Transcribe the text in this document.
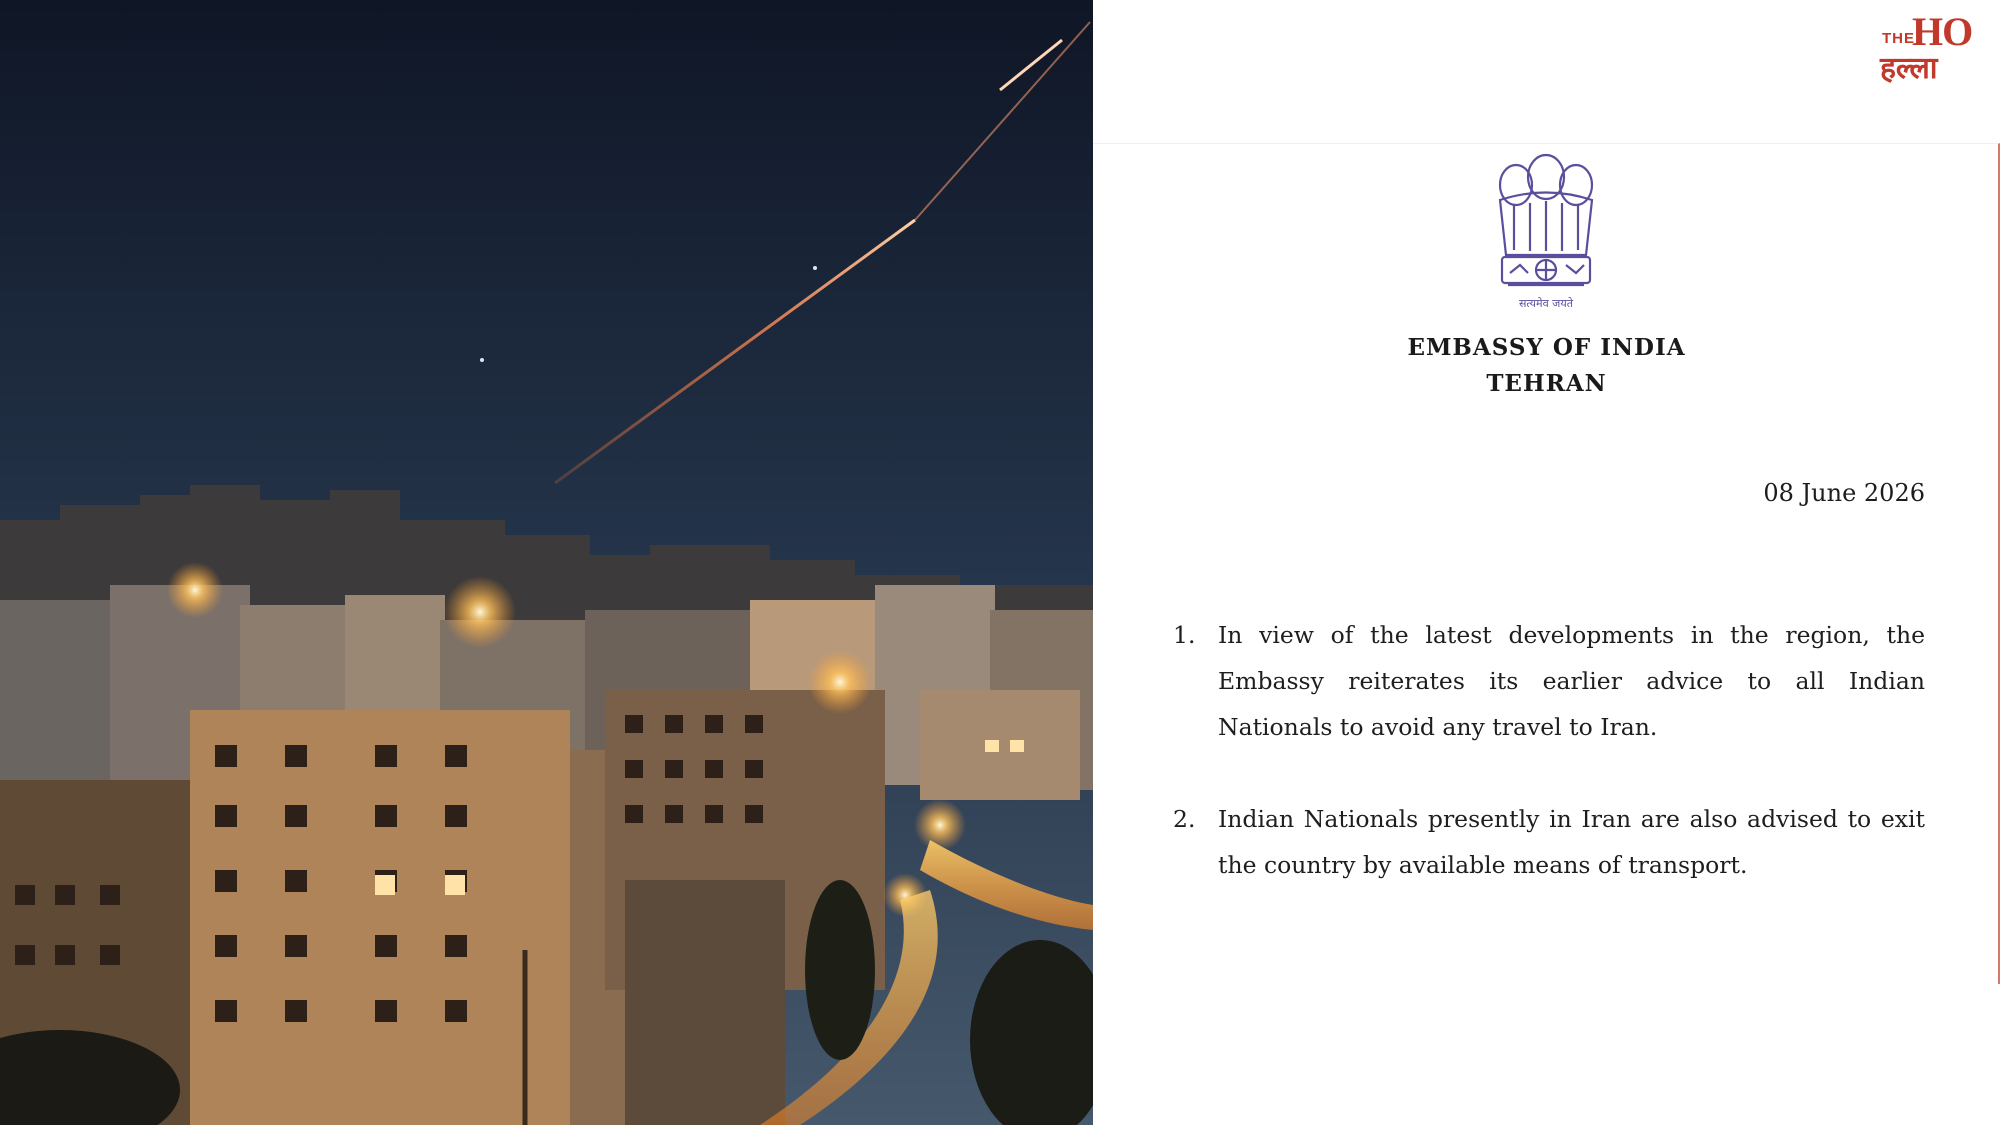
THE
HO
हल्ला
सत्यमेव जयते
EMBASSY OF INDIA
TEHRAN
08 June 2026
1. In view of the latest developments in the region, the Embassy reiterates its earlier advice to all Indian Nationals to avoid any travel to Iran.
2. Indian Nationals presently in Iran are also advised to exit the country by available means of transport.
